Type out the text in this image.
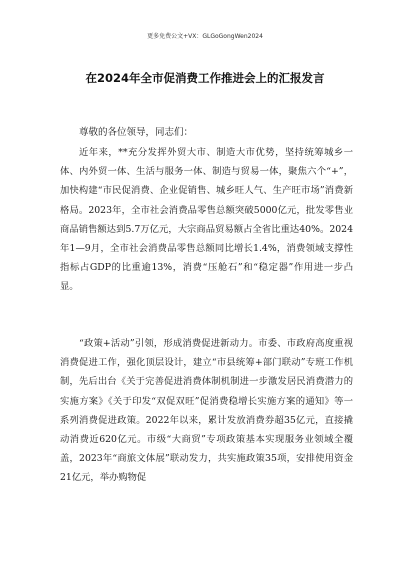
更多免费公文+VX：GLGoGongWen2024
在2024年全市促消费工作推进会上的汇报发言
尊敬的各位领导，同志们：

近年来，**充分发挥外贸大市、制造大市优势，坚持统筹城乡一体、内外贸一体、生活与服务一体、制造与贸易一体，聚焦六个“+”，加快构建“市民促消费、企业促销售、城乡旺人气、生产旺市场”消费新格局。2023年，全市社会消费品零售总额突破5000亿元，批发零售业商品销售额达到5.7万亿元，大宗商品贸易额占全省比重达40%。2024年1—9月，全市社会消费品零售总额同比增长1.4%，消费领域支撑性指标占GDP的比重逾13%，消费“压舱石”和“稳定器”作用进一步凸显。

“政策+活动”引领，形成消费促进新动力。市委、市政府高度重视消费促进工作，强化顶层设计，建立“市县统筹+部门联动”专班工作机制，先后出台《关于完善促进消费体制机制进一步激发居民消费潜力的实施方案》《关于印发“双促双旺”促消费稳增长实施方案的通知》等一系列消费促进政策。2022年以来，累计发放消费券超35亿元，直接撬动消费近620亿元。市级“大商贸”专项政策基本实现服务业领域全覆盖，2023年“商旅文体展”联动发力，共实施政策35项，安排使用资金21亿元，举办购物促
